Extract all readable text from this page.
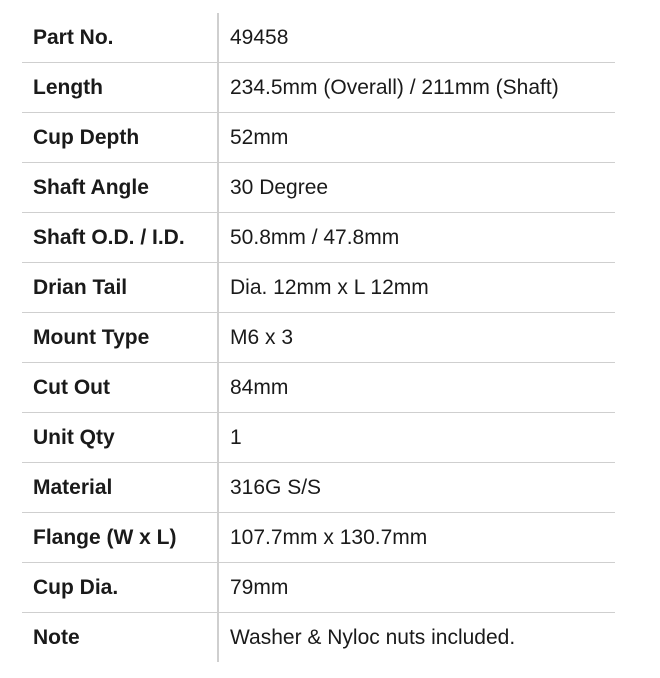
Part No.	49458
Length	234.5mm (Overall) / 211mm (Shaft)
Cup Depth	52mm
Shaft Angle	30 Degree
Shaft O.D. / I.D.	50.8mm / 47.8mm
Drian Tail	Dia. 12mm x L 12mm
Mount Type	M6 x 3
Cut Out	84mm
Unit Qty	1
Material	316G S/S
Flange (W x L)	107.7mm x 130.7mm
Cup Dia.	79mm
Note	Washer & Nyloc nuts included.
